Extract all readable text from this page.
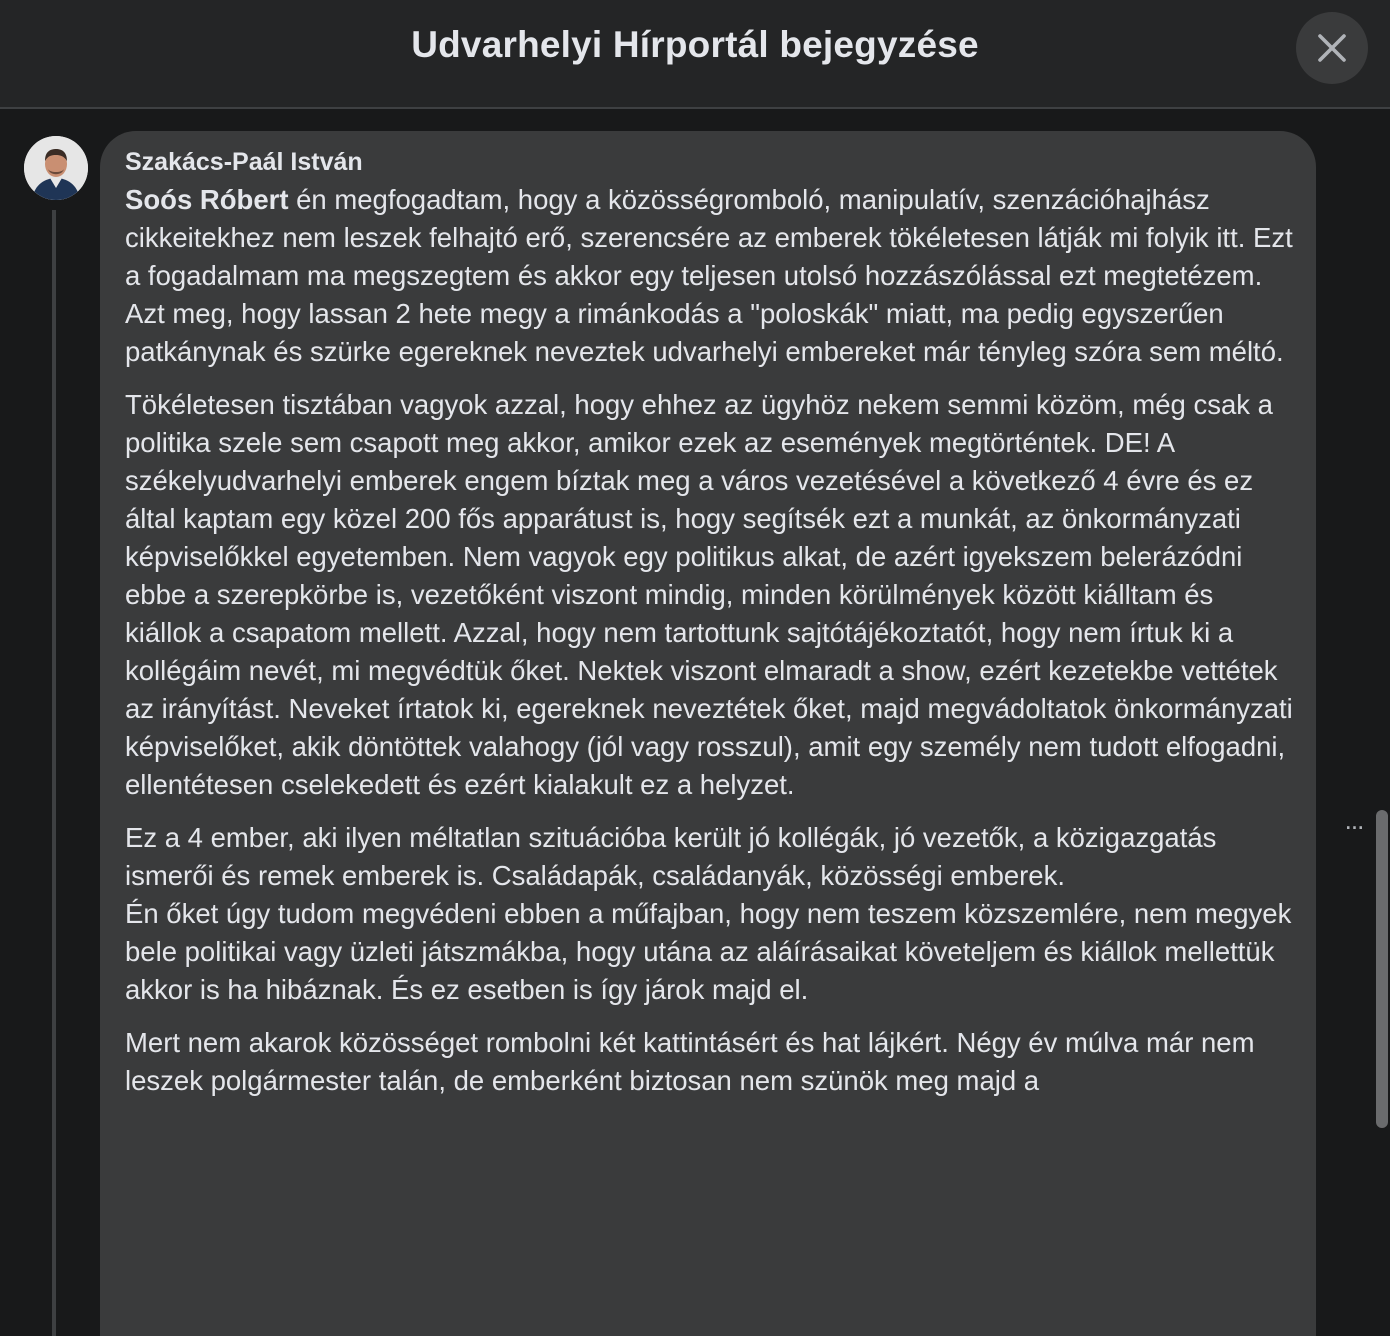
Udvarhelyi Hírportál bejegyzése
Szakács-Paál István

Soós Róbert én megfogadtam, hogy a közösségromboló, manipulatív, szenzációhajhász cikkeitekhez nem leszek felhajtó erő, szerencsére az emberek tökéletesen látják mi folyik itt. Ezt a fogadalmam ma megszegtem és akkor egy teljesen utolsó hozzászólással ezt megtetézem.

Azt meg, hogy lassan 2 hete megy a rimánkodás a "poloskák" miatt, ma pedig egyszerűen patkánynak és szürke egereknek neveztek udvarhelyi embereket már tényleg szóra sem méltó.

Tökéletesen tisztában vagyok azzal, hogy ehhez az ügyhöz nekem semmi közöm, még csak a politika szele sem csapott meg akkor, amikor ezek az események megtörténtek. DE! A székelyudvarhelyi emberek engem bíztak meg a város vezetésével a következő 4 évre és ez által kaptam egy közel 200 fős apparátust is, hogy segítsék ezt a munkát, az önkormányzati képviselőkkel egyetemben. Nem vagyok egy politikus alkat, de azért igyekszem belerázódni ebbe a szerepkörbe is, vezetőként viszont mindig, minden körülmények között kiálltam és kiállok a csapatom mellett. Azzal, hogy nem tartottunk sajtótájékoztatót, hogy nem írtuk ki a kollégáim nevét, mi megvédtük őket. Nektek viszont elmaradt a show, ezért kezetekbe vettétek az irányítást. Neveket írtatok ki, egereknek neveztétek őket, majd megvádoltatok önkormányzati képviselőket, akik döntöttek valahogy (jól vagy rosszul), amit egy személy nem tudott elfogadni, ellentétesen cselekedett és ezért kialakult ez a helyzet.

Ez a 4 ember, aki ilyen méltatlan szituációba került jó kollégák, jó vezetők, a közigazgatás ismerői és remek emberek is. Családapák, családanyák, közösségi emberek.

Én őket úgy tudom megvédeni ebben a műfajban, hogy nem teszem közszemlére, nem megyek bele politikai vagy üzleti játszmákba, hogy utána az aláírásaikat követeljem és kiállok mellettük akkor is ha hibáznak. És ez esetben is így járok majd el.

Mert nem akarok közösséget rombolni két kattintásért és hat lájkért. Négy év múlva már nem leszek polgármester talán, de emberként biztosan nem szünök meg majd a

...
